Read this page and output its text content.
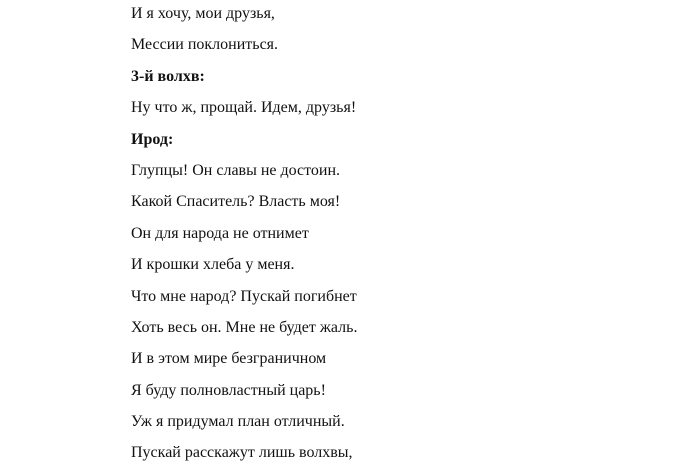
И я хочу, мои друзья,
Мессии поклониться.
3-й волхв:
Ну что ж, прощай. Идем, друзья!
Ирод:
Глупцы! Он славы не достоин.
Какой Спаситель? Власть моя!
Он для народа не отнимет
И крошки хлеба у меня.
Что мне народ? Пускай погибнет
Хоть весь он. Мне не будет жаль.
И в этом мире безграничном
Я буду полновластный царь!
Уж я придумал план отличный.
Пускай расскажут лишь волхвы,
